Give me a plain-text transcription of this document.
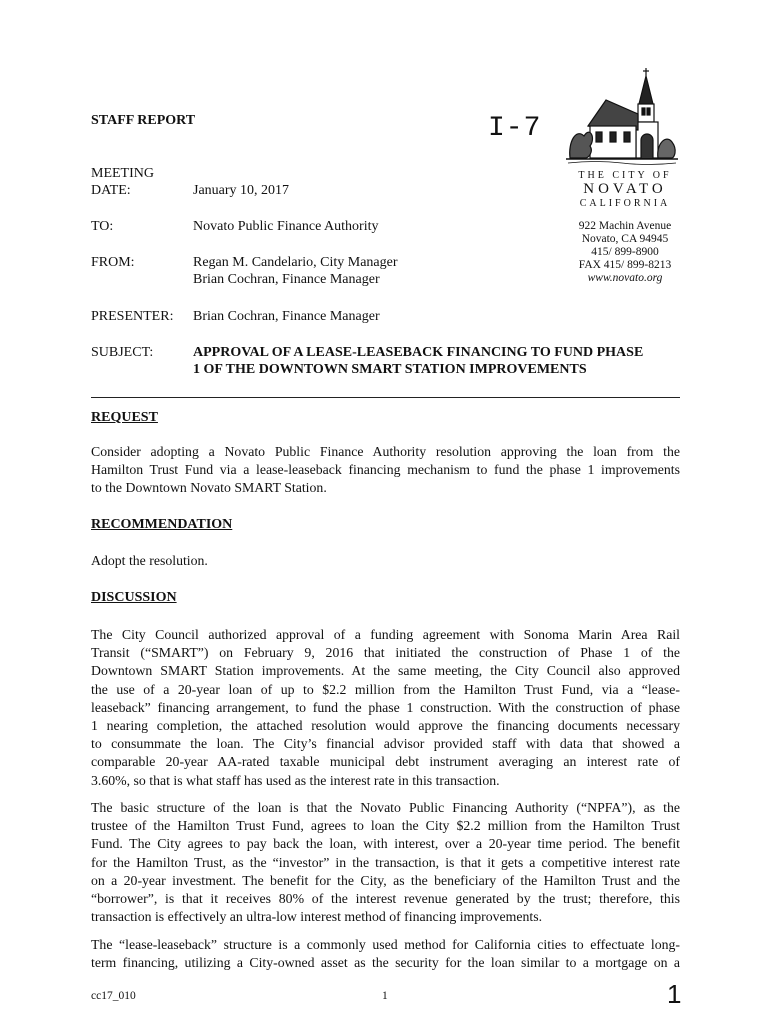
STAFF REPORT	I-7
THE CITY OF
NOVATO
CALIFORNIA
922 Machin Avenue
Novato, CA 94945
415/ 899-8900
FAX 415/ 899-8213
www.novato.org
MEETING
DATE:	January 10, 2017
TO:	Novato Public Finance Authority
FROM:	Regan M. Candelario, City Manager
Brian Cochran, Finance Manager
PRESENTER: Brian Cochran, Finance Manager
SUBJECT:	APPROVAL OF A LEASE-LEASEBACK FINANCING TO FUND PHASE
1 OF THE DOWNTOWN SMART STATION IMPROVEMENTS
REQUEST
Consider adopting a Novato Public Finance Authority resolution approving the loan from the
Hamilton Trust Fund via a lease-leaseback financing mechanism to fund the phase 1 improvements
to the Downtown Novato SMART Station.
RECOMMENDATION
Adopt the resolution.
DISCUSSION
The City Council authorized approval of a funding agreement with Sonoma Marin Area Rail
Transit (“SMART”) on February 9, 2016 that initiated the construction of Phase 1 of the
Downtown SMART Station improvements. At the same meeting, the City Council also approved
the use of a 20-year loan of up to $2.2 million from the Hamilton Trust Fund, via a “lease-
leaseback” financing arrangement, to fund the phase 1 construction. With the construction of phase
1 nearing completion, the attached resolution would approve the financing documents necessary
to consummate the loan. The City’s financial advisor provided staff with data that showed a
comparable 20-year AA-rated taxable municipal debt instrument averaging an interest rate of
3.60%, so that is what staff has used as the interest rate in this transaction.
The basic structure of the loan is that the Novato Public Financing Authority (“NPFA”), as the
trustee of the Hamilton Trust Fund, agrees to loan the City $2.2 million from the Hamilton Trust
Fund. The City agrees to pay back the loan, with interest, over a 20-year time period. The benefit
for the Hamilton Trust, as the “investor” in the transaction, is that it gets a competitive interest rate
on a 20-year investment. The benefit for the City, as the beneficiary of the Hamilton Trust and the
“borrower”, is that it receives 80% of the interest revenue generated by the trust; therefore, this
transaction is effectively an ultra-low interest method of financing improvements.
The “lease-leaseback” structure is a commonly used method for California cities to effectuate long-
term financing, utilizing a City-owned asset as the security for the loan similar to a mortgage on a
cc17_010	1	1
